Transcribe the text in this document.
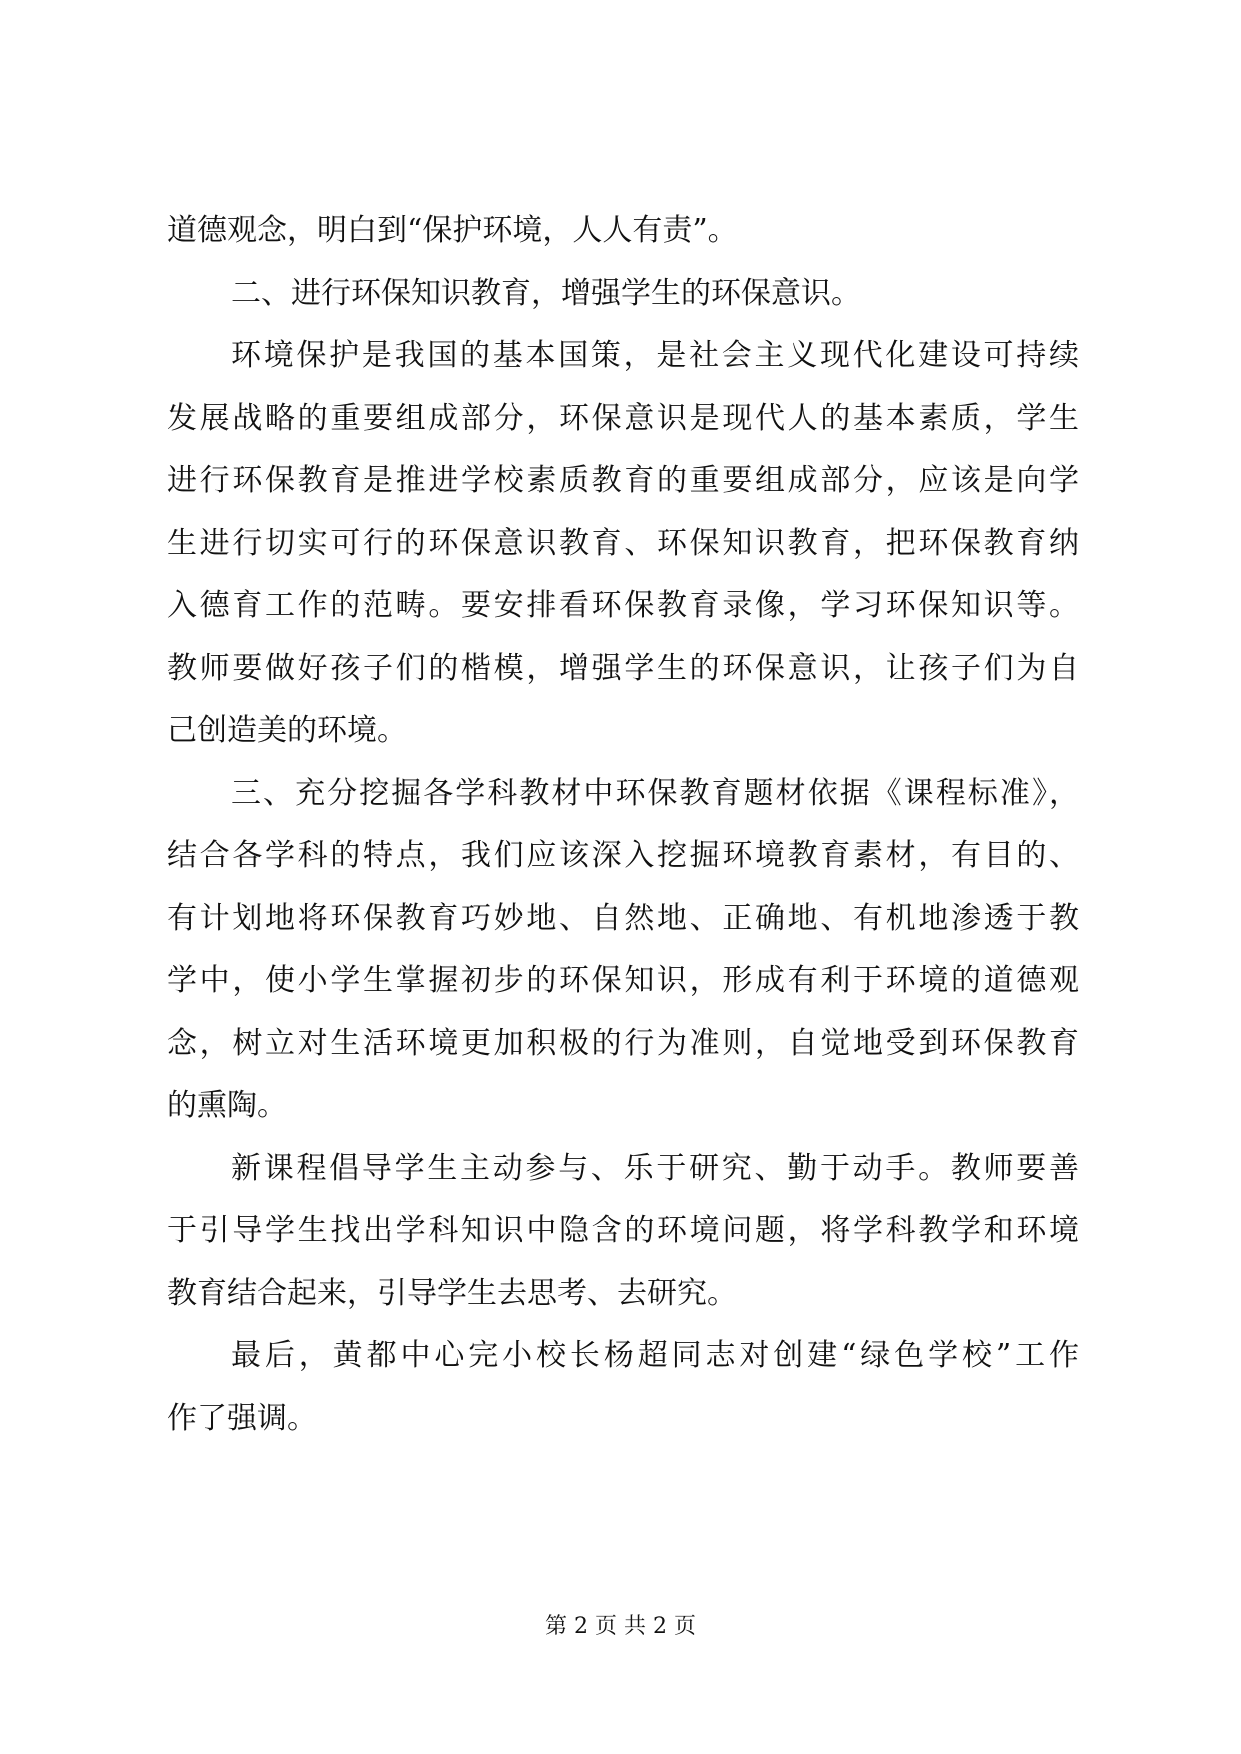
道德观念，明白到“保护环境，人人有责”。
二、进行环保知识教育，增强学生的环保意识。
环境保护是我国的基本国策，是社会主义现代化建设可持续
发展战略的重要组成部分，环保意识是现代人的基本素质，学生
进行环保教育是推进学校素质教育的重要组成部分，应该是向学
生进行切实可行的环保意识教育、环保知识教育，把环保教育纳
入德育工作的范畴。要安排看环保教育录像，学习环保知识等。
教师要做好孩子们的楷模，增强学生的环保意识，让孩子们为自
己创造美的环境。
三、充分挖掘各学科教材中环保教育题材依据《课程标准》，
结合各学科的特点，我们应该深入挖掘环境教育素材，有目的、
有计划地将环保教育巧妙地、自然地、正确地、有机地渗透于教
学中，使小学生掌握初步的环保知识，形成有利于环境的道德观
念，树立对生活环境更加积极的行为准则，自觉地受到环保教育
的熏陶。
新课程倡导学生主动参与、乐于研究、勤于动手。教师要善
于引导学生找出学科知识中隐含的环境问题，将学科教学和环境
教育结合起来，引导学生去思考、去研究。
最后，黄都中心完小校长杨超同志对创建“绿色学校”工作
作了强调。
第 2 页 共 2 页
